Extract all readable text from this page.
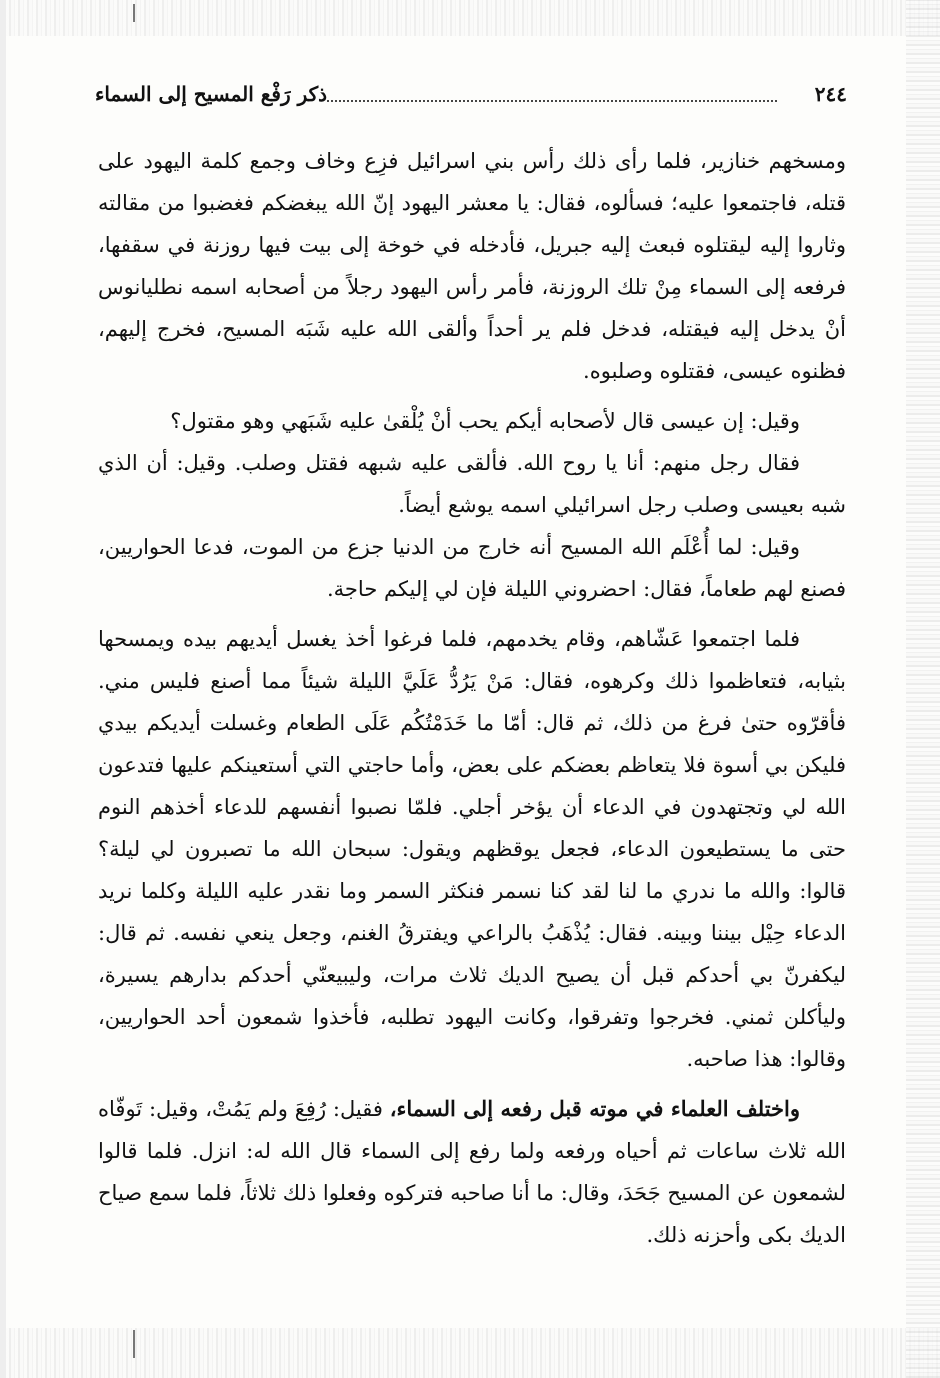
٢٤٤
ذكر رَفْع المسيح إلى السماء

ومسخهم خنازير، فلما رأى ذلك رأس بني اسرائيل فزِع وخاف وجمع كلمة اليهود على قتله، فاجتمعوا عليه؛ فسألوه، فقال: يا معشر اليهود إنّ الله يبغضكم فغضبوا من مقالته وثاروا إليه ليقتلوه فبعث إليه جبريل، فأدخله في خوخة إلى بيت فيها روزنة في سقفها، فرفعه إلى السماء مِنْ تلك الروزنة، فأمر رأس اليهود رجلاً من أصحابه اسمه نطليانوس أنْ يدخل إليه فيقتله، فدخل فلم ير أحداً وألقى الله عليه شَبَه المسيح، فخرج إليهم، فظنوه عيسى، فقتلوه وصلبوه.

وقيل: إن عيسى قال لأصحابه أيكم يحب أنْ يُلْقىٰ عليه شَبَهي وهو مقتول؟

فقال رجل منهم: أنا يا روح الله. فألقى عليه شبهه فقتل وصلب. وقيل: أن الذي شبه بعيسى وصلب رجل اسرائيلي اسمه يوشع أيضاً.

وقيل: لما أُعْلَم الله المسيح أنه خارج من الدنيا جزع من الموت، فدعا الحواريين، فصنع لهم طعاماً، فقال: احضروني الليلة فإن لي إليكم حاجة.

فلما اجتمعوا عَشّاهم، وقام يخدمهم، فلما فرغوا أخذ يغسل أيديهم بيده ويمسحها بثيابه، فتعاظموا ذلك وكرهوه، فقال: مَنْ يَرُدُّ عَلَيَّ الليلة شيئاً مما أصنع فليس مني. فأقرّوه حتىٰ فرغ من ذلك، ثم قال: أمّا ما خَدَمْتُكُم عَلَى الطعام وغسلت أيديكم بيدي فليكن بي أسوة فلا يتعاظم بعضكم على بعض، وأما حاجتي التي أستعينكم عليها فتدعون الله لي وتجتهدون في الدعاء أن يؤخر أجلي. فلمّا نصبوا أنفسهم للدعاء أخذهم النوم حتى ما يستطيعون الدعاء، فجعل يوقظهم ويقول: سبحان الله ما تصبرون لي ليلة؟ قالوا: والله ما ندري ما لنا لقد كنا نسمر فنكثر السمر وما نقدر عليه الليلة وكلما نريد الدعاء حِيْل بيننا وبينه. فقال: يُذْهَبُ بالراعي ويفترقُ الغنم، وجعل ينعي نفسه. ثم قال: ليكفرنّ بي أحدكم قبل أن يصيح الديك ثلاث مرات، وليبيعنّي أحدكم بدارهم يسيرة، وليأكلن ثمني. فخرجوا وتفرقوا، وكانت اليهود تطلبه، فأخذوا شمعون أحد الحواريين، وقالوا: هذا صاحبه.

واختلف العلماء في موته قبل رفعه إلى السماء، فقيل: رُفِعَ ولم يَمُتْ، وقيل: تَوفّاه الله ثلاث ساعات ثم أحياه ورفعه ولما رفع إلى السماء قال الله له: انزل. فلما قالوا لشمعون عن المسيح جَحَدَ، وقال: ما أنا صاحبه فتركوه وفعلوا ذلك ثلاثاً، فلما سمع صياح الديك بكى وأحزنه ذلك.
